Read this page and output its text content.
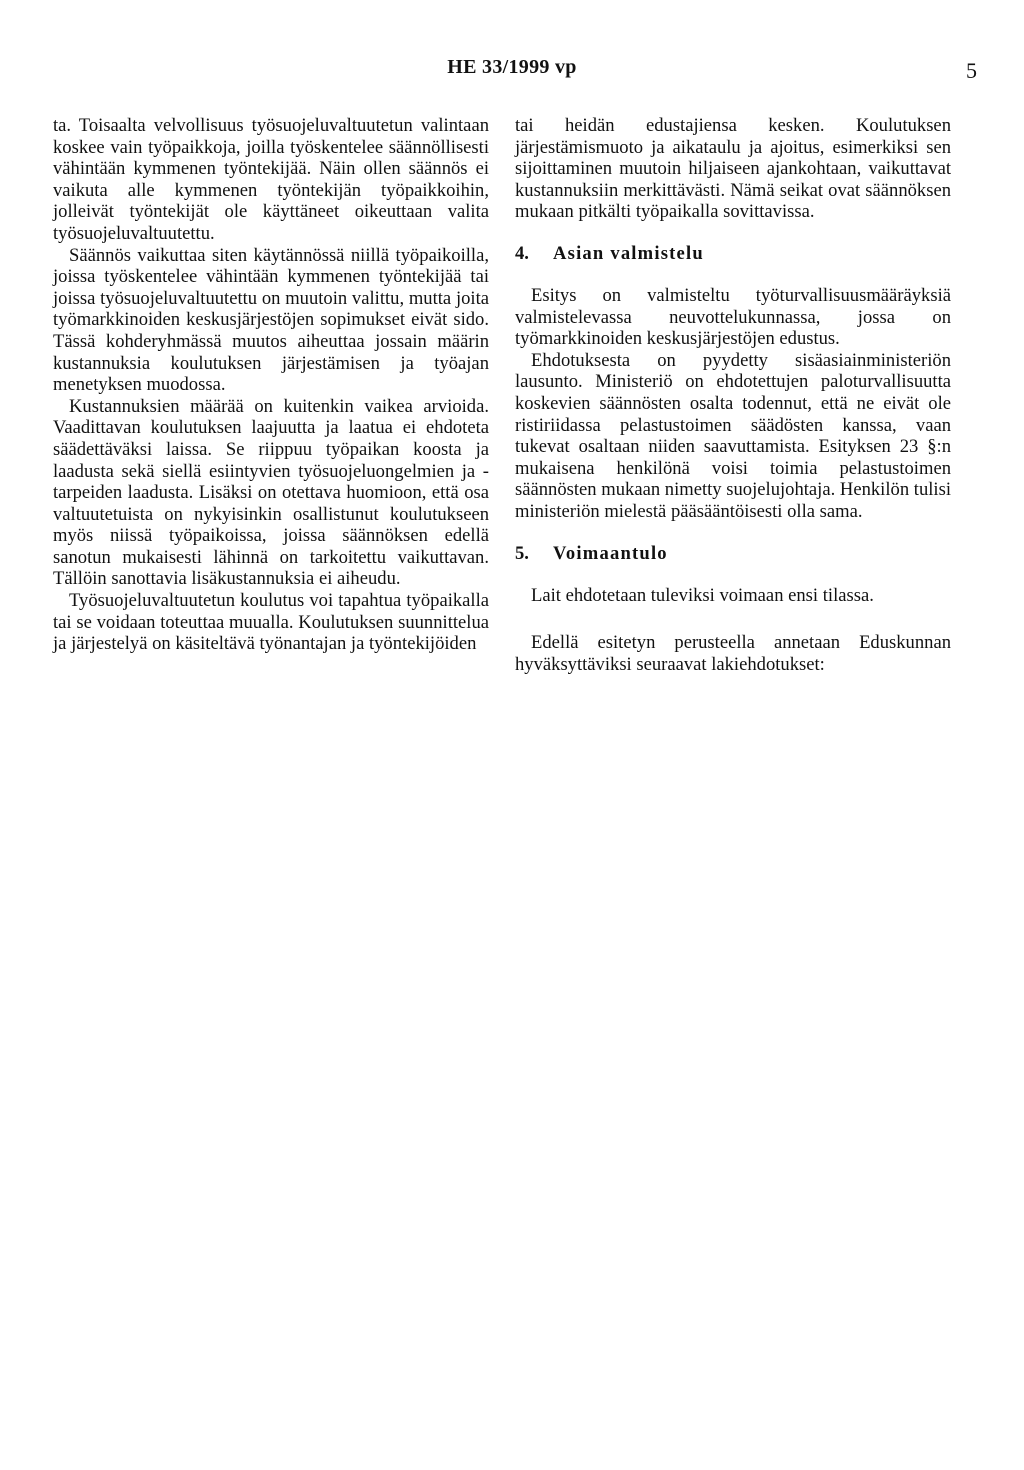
HE 33/1999 vp	5

ta. Toisaalta velvollisuus työsuojeluvaltuutetun valintaan koskee vain työpaikkoja, joilla työskentelee säännöllisesti vähintään kymmenen työntekijää. Näin ollen säännös ei vaikuta alle kymmenen työntekijän työpaikkoihin, jolleivät työntekijät ole käyttäneet oikeuttaan valita työsuojeluvaltuutettu.

Säännös vaikuttaa siten käytännössä niillä työpaikoilla, joissa työskentelee vähintään kymmenen työntekijää tai joissa työsuojeluvaltuutettu on muutoin valittu, mutta joita työmarkkinoiden keskusjärjestöjen sopimukset eivät sido. Tässä kohderyhmässä muutos aiheuttaa jossain määrin kustannuksia koulutuksen järjestämisen ja työajan menetyksen muodossa.

Kustannuksien määrää on kuitenkin vaikea arvioida. Vaadittavan koulutuksen laajuutta ja laatua ei ehdoteta säädettäväksi laissa. Se riippuu työpaikan koosta ja laadusta sekä siellä esiintyvien työsuojeluongelmien ja -tarpeiden laadusta. Lisäksi on otettava huomioon, että osa valtuutetuista on nykyisinkin osallistunut koulutukseen myös niissä työpaikoissa, joissa säännöksen edellä sanotun mukaisesti lähinnä on tarkoitettu vaikuttavan. Tällöin sanottavia lisäkustannuksia ei aiheudu.

Työsuojeluvaltuutetun koulutus voi tapahtua työpaikalla tai se voidaan toteuttaa muualla. Koulutuksen suunnittelua ja järjestelyä on käsiteltävä työnantajan ja työntekijöiden

tai heidän edustajiensa kesken. Koulutuksen järjestämismuoto ja aikataulu ja ajoitus, esimerkiksi sen sijoittaminen muutoin hiljaiseen ajankohtaan, vaikuttavat kustannuksiin merkittävästi. Nämä seikat ovat säännöksen mukaan pitkälti työpaikalla sovittavissa.

4.	Asian valmistelu

Esitys on valmisteltu työturvallisuusmääräyksiä valmistelevassa neuvottelukunnassa, jossa on työmarkkinoiden keskusjärjestöjen edustus.

Ehdotuksesta on pyydetty sisäasiainministeriön lausunto. Ministeriö on ehdotettujen paloturvallisuutta koskevien säännösten osalta todennut, että ne eivät ole ristiriidassa pelastustoimen säädösten kanssa, vaan tukevat osaltaan niiden saavuttamista. Esityksen 23 §:n mukaisena henkilönä voisi toimia pelastustoimen säännösten mukaan nimetty suojelujohtaja. Henkilön tulisi ministeriön mielestä pääsääntöisesti olla sama.

5.	Voimaantulo

Lait ehdotetaan tuleviksi voimaan ensi tilassa.

Edellä esitetyn perusteella annetaan Eduskunnan hyväksyttäviksi seuraavat lakiehdotukset:
